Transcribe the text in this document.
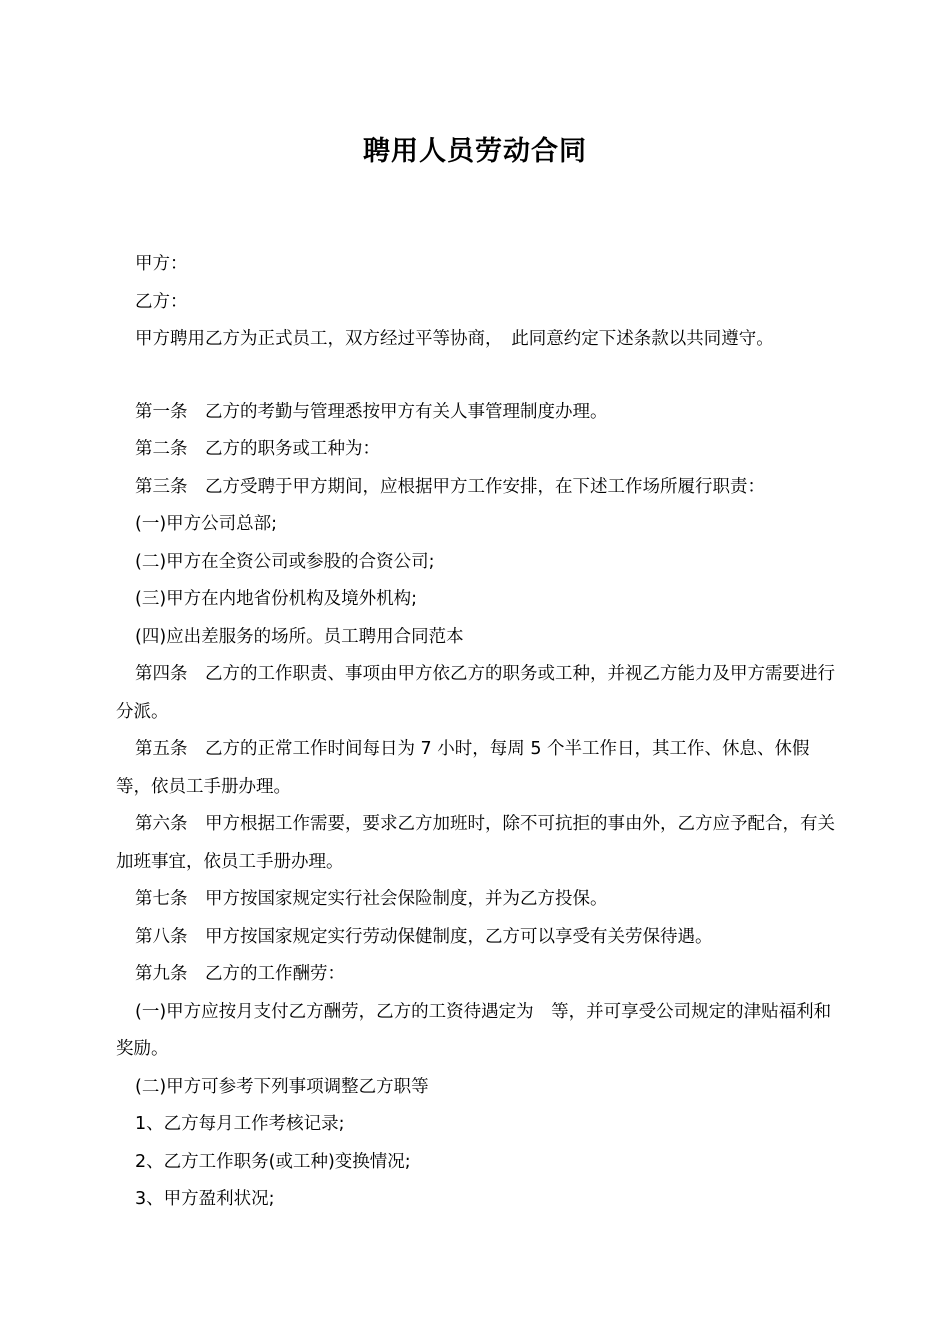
聘用人员劳动合同

甲方：

乙方：

甲方聘用乙方为正式员工，双方经过平等协商，　此同意约定下述条款以共同遵守。

第一条　乙方的考勤与管理悉按甲方有关人事管理制度办理。

第二条　乙方的职务或工种为：

第三条　乙方受聘于甲方期间，应根据甲方工作安排，在下述工作场所履行职责：

(一)甲方公司总部;

(二)甲方在全资公司或参股的合资公司;

(三)甲方在内地省份机构及境外机构;

(四)应出差服务的场所。员工聘用合同范本

第四条　乙方的工作职责、事项由甲方依乙方的职务或工种，并视乙方能力及甲方需要进行分派。

第五条　乙方的正常工作时间每日为 7 小时，每周 5 个半工作日，其工作、休息、休假等，依员工手册办理。

第六条　甲方根据工作需要，要求乙方加班时，除不可抗拒的事由外，乙方应予配合，有关加班事宜，依员工手册办理。

第七条　甲方按国家规定实行社会保险制度，并为乙方投保。

第八条　甲方按国家规定实行劳动保健制度，乙方可以享受有关劳保待遇。

第九条　乙方的工作酬劳：

(一)甲方应按月支付乙方酬劳，乙方的工资待遇定为　等，并可享受公司规定的津贴福利和奖励。

(二)甲方可参考下列事项调整乙方职等

1、乙方每月工作考核记录;

2、乙方工作职务(或工种)变换情况;

3、甲方盈利状况;
